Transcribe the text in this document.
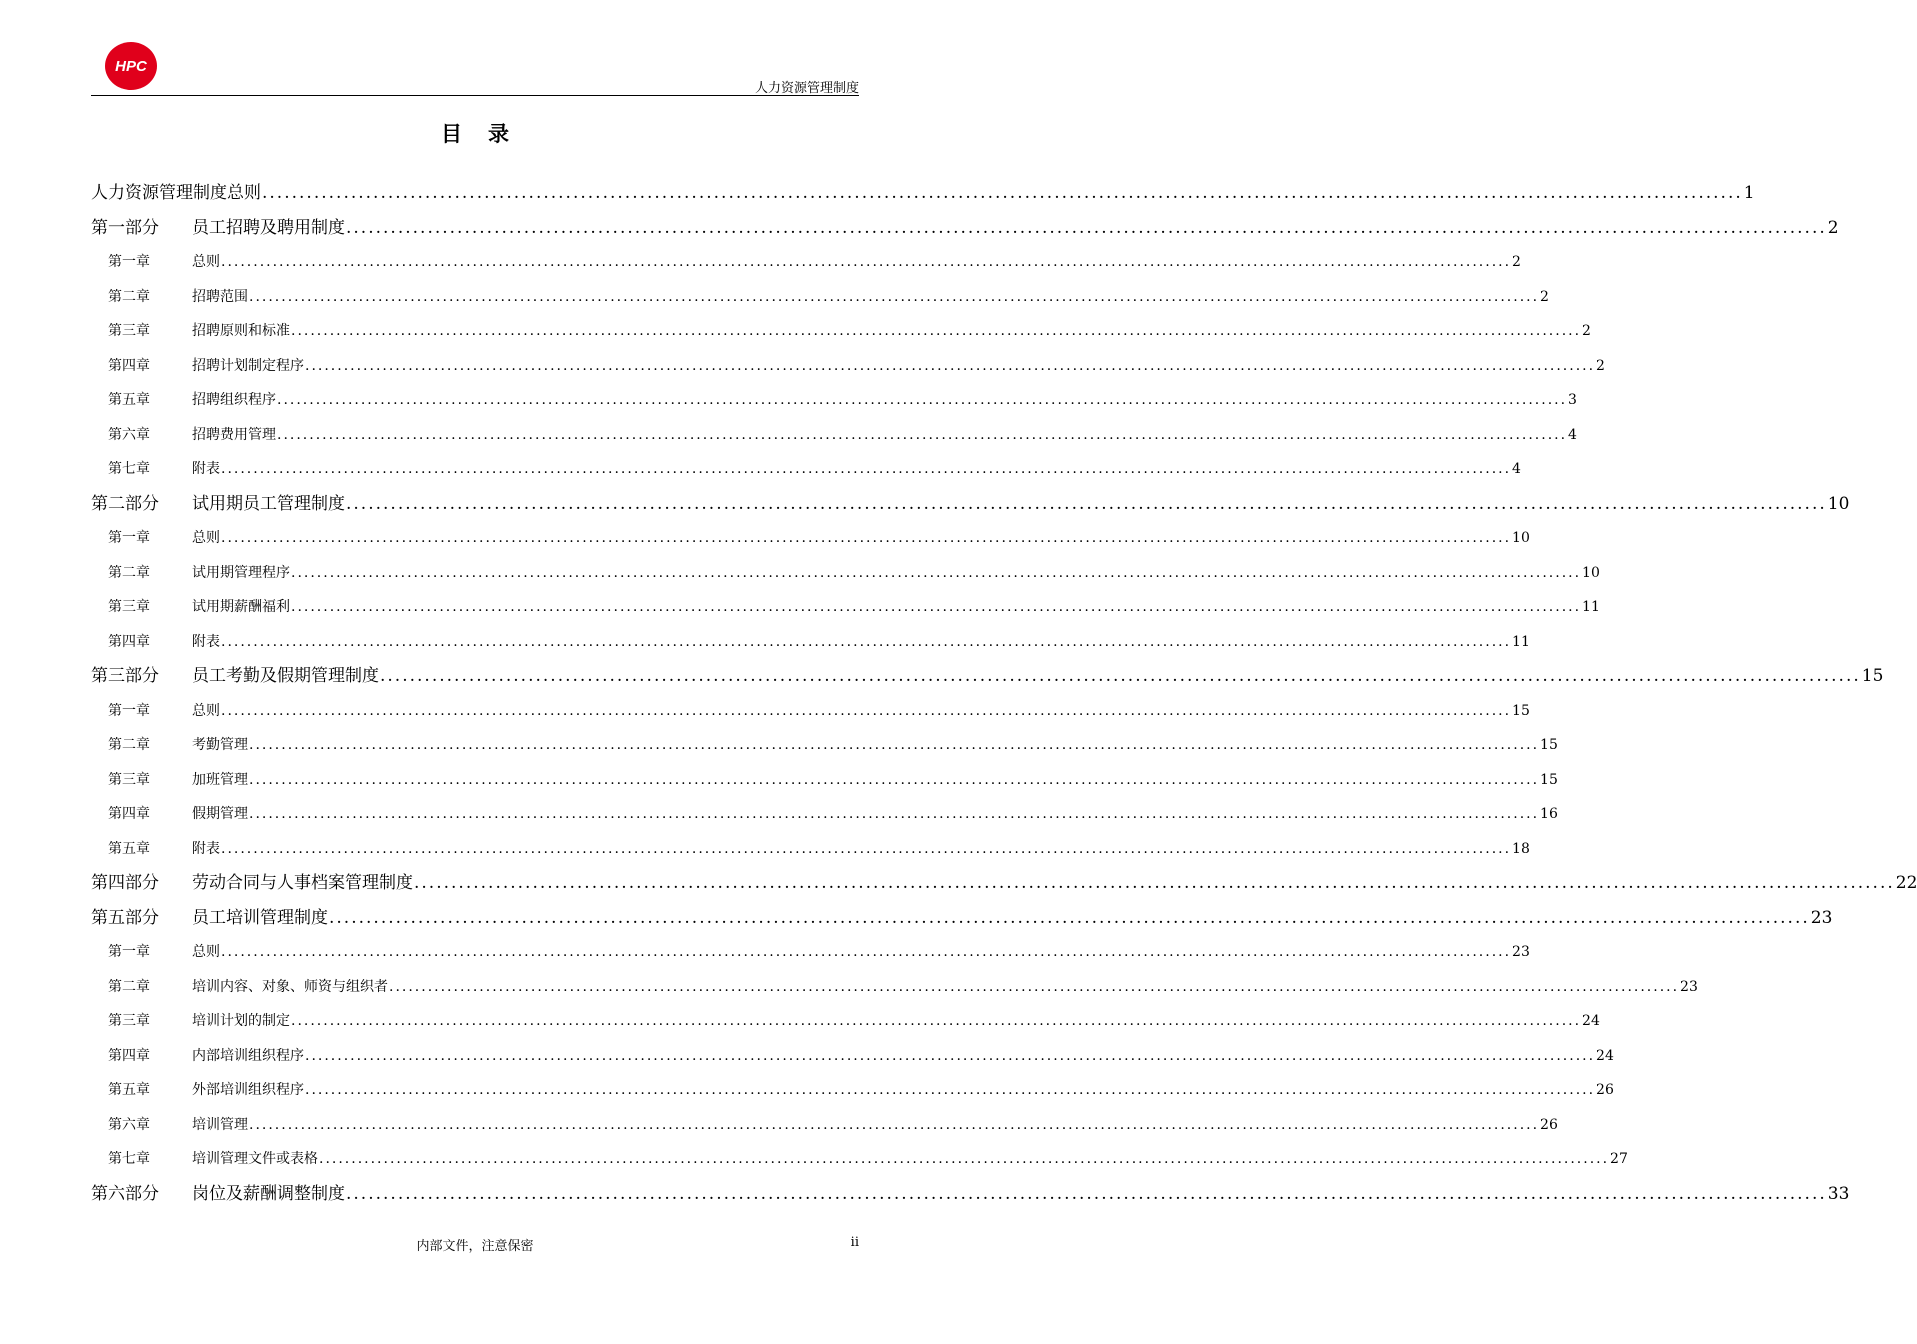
HPC
人力资源管理制度
目录
人力资源管理制度总则 ........................................................................................................................................................................................................ 1
第一部分	员工招聘及聘用制度 ........................................................................................................................................................................................................ 2
第一章	总则 ........................................................................................................................................................................................................ 2
第二章	招聘范围 ........................................................................................................................................................................................................ 2
第三章	招聘原则和标准 ........................................................................................................................................................................................................ 2
第四章	招聘计划制定程序 ........................................................................................................................................................................................................ 2
第五章	招聘组织程序 ........................................................................................................................................................................................................ 3
第六章	招聘费用管理 ........................................................................................................................................................................................................ 4
第七章	附表 ........................................................................................................................................................................................................ 4
第二部分	试用期员工管理制度 ........................................................................................................................................................................................................ 10
第一章	总则 ........................................................................................................................................................................................................ 10
第二章	试用期管理程序 ........................................................................................................................................................................................................ 10
第三章	试用期薪酬福利 ........................................................................................................................................................................................................ 11
第四章	附表 ........................................................................................................................................................................................................ 11
第三部分	员工考勤及假期管理制度 ........................................................................................................................................................................................................ 15
第一章	总则 ........................................................................................................................................................................................................ 15
第二章	考勤管理 ........................................................................................................................................................................................................ 15
第三章	加班管理 ........................................................................................................................................................................................................ 15
第四章	假期管理 ........................................................................................................................................................................................................ 16
第五章	附表 ........................................................................................................................................................................................................ 18
第四部分	劳动合同与人事档案管理制度 ........................................................................................................................................................................................................ 22
第五部分	员工培训管理制度 ........................................................................................................................................................................................................ 23
第一章	总则 ........................................................................................................................................................................................................ 23
第二章	培训内容、对象、师资与组织者 ........................................................................................................................................................................................................ 23
第三章	培训计划的制定 ........................................................................................................................................................................................................ 24
第四章	内部培训组织程序 ........................................................................................................................................................................................................ 24
第五章	外部培训组织程序 ........................................................................................................................................................................................................ 26
第六章	培训管理 ........................................................................................................................................................................................................ 26
第七章	培训管理文件或表格 ........................................................................................................................................................................................................ 27
第六部分	岗位及薪酬调整制度 ........................................................................................................................................................................................................ 33
内部文件，注意保密	ii
